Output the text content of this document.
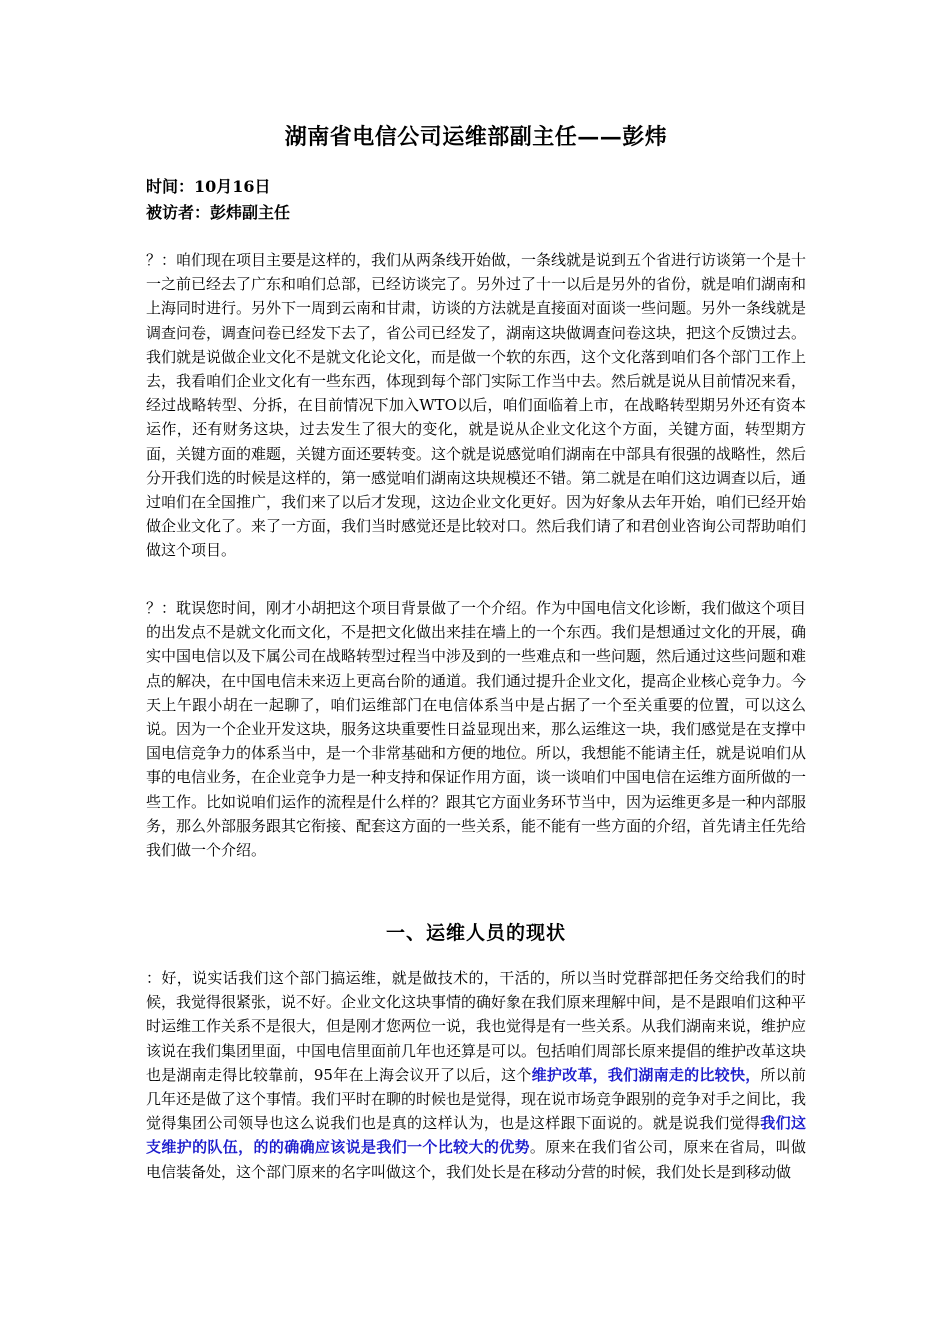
湖南省电信公司运维部副主任——彭炜
时间：10月16日
被访者：彭炜副主任

？：咱们现在项目主要是这样的，我们从两条线开始做，一条线就是说到五个省进行访谈第一个是十一之前已经去了广东和咱们总部，已经访谈完了。另外过了十一以后是另外的省份，就是咱们湖南和上海同时进行。另外下一周到云南和甘肃，访谈的方法就是直接面对面谈一些问题。另外一条线就是调查问卷，调查问卷已经发下去了，省公司已经发了，湖南这块做调查问卷这块，把这个反馈过去。我们就是说做企业文化不是就文化论文化，而是做一个软的东西，这个文化落到咱们各个部门工作上去，我看咱们企业文化有一些东西，体现到每个部门实际工作当中去。然后就是说从目前情况来看，经过战略转型、分拆，在目前情况下加入WTO以后，咱们面临着上市，在战略转型期另外还有资本运作，还有财务这块，过去发生了很大的变化，就是说从企业文化这个方面，关键方面，转型期方面，关键方面的难题，关键方面还要转变。这个就是说感觉咱们湖南在中部具有很强的战略性，然后分开我们选的时候是这样的，第一感觉咱们湖南这块规模还不错。第二就是在咱们这边调查以后，通过咱们在全国推广，我们来了以后才发现，这边企业文化更好。因为好象从去年开始，咱们已经开始做企业文化了。来了一方面，我们当时感觉还是比较对口。然后我们请了和君创业咨询公司帮助咱们做这个项目。

？：耽误您时间，刚才小胡把这个项目背景做了一个介绍。作为中国电信文化诊断，我们做这个项目的出发点不是就文化而文化，不是把文化做出来挂在墙上的一个东西。我们是想通过文化的开展，确实中国电信以及下属公司在战略转型过程当中涉及到的一些难点和一些问题，然后通过这些问题和难点的解决，在中国电信未来迈上更高台阶的通道。我们通过提升企业文化，提高企业核心竞争力。今天上午跟小胡在一起聊了，咱们运维部门在电信体系当中是占据了一个至关重要的位置，可以这么说。因为一个企业开发这块，服务这块重要性日益显现出来，那么运维这一块，我们感觉是在支撑中国电信竞争力的体系当中，是一个非常基础和方便的地位。所以，我想能不能请主任，就是说咱们从事的电信业务，在企业竞争力是一种支持和保证作用方面，谈一谈咱们中国电信在运维方面所做的一些工作。比如说咱们运作的流程是什么样的？跟其它方面业务环节当中，因为运维更多是一种内部服务，那么外部服务跟其它衔接、配套这方面的一些关系，能不能有一些方面的介绍，首先请主任先给我们做一个介绍。

一、运维人员的现状

：好，说实话我们这个部门搞运维，就是做技术的，干活的，所以当时党群部把任务交给我们的时候，我觉得很紧张，说不好。企业文化这块事情的确好象在我们原来理解中间，是不是跟咱们这种平时运维工作关系不是很大，但是刚才您两位一说，我也觉得是有一些关系。从我们湖南来说，维护应该说在我们集团里面，中国电信里面前几年也还算是可以。包括咱们周部长原来提倡的维护改革这块也是湖南走得比较靠前，95年在上海会议开了以后，这个维护改革，我们湖南走的比较快，所以前几年还是做了这个事情。我们平时在聊的时候也是觉得，现在说市场竞争跟别的竞争对手之间比，我觉得集团公司领导也这么说我们也是真的这样认为，也是这样跟下面说的。就是说我们觉得我们这支维护的队伍，的的确确应该说是我们一个比较大的优势。原来在我们省公司，原来在省局，叫做电信装备处，这个部门原来的名字叫做这个，我们处长是在移动分营的时候，我们处长是到移动做
